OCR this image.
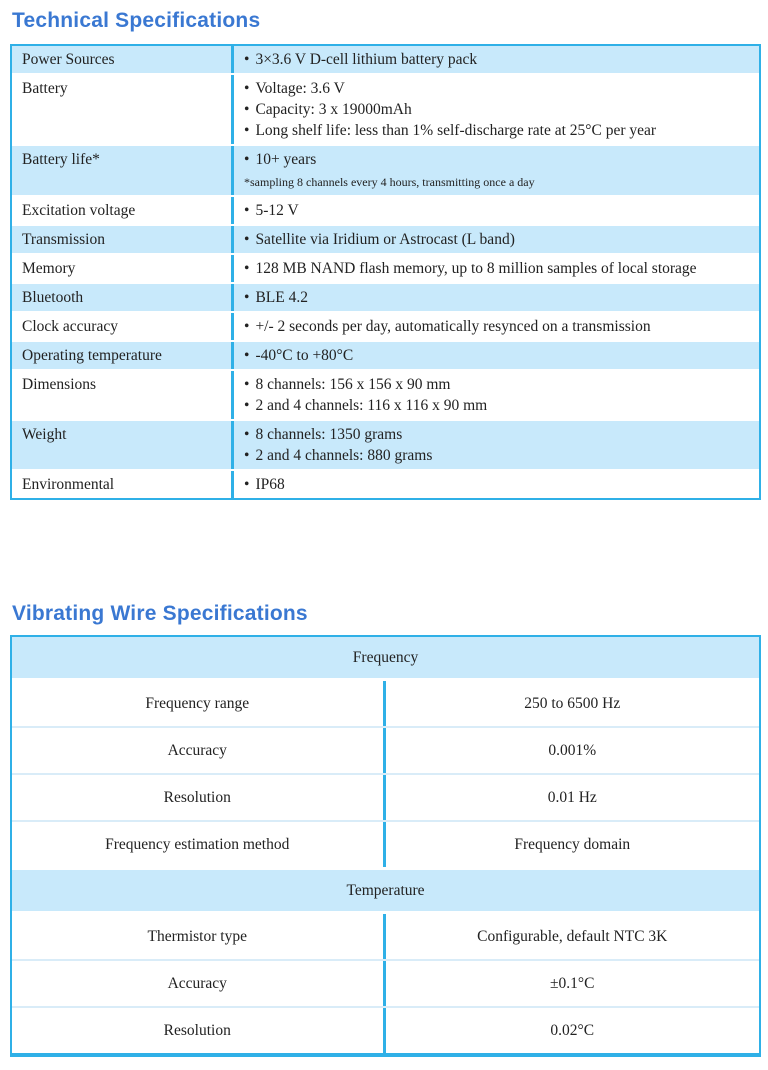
Technical Specifications
Power Sources	• 3×3.6 V D-cell lithium battery pack
Battery	• Voltage: 3.6 V
• Capacity: 3 x 19000mAh
• Long shelf life: less than 1% self-discharge rate at 25°C per year
Battery life*	• 10+ years
*sampling 8 channels every 4 hours, transmitting once a day
Excitation voltage	• 5-12 V
Transmission	• Satellite via Iridium or Astrocast (L band)
Memory	• 128 MB NAND flash memory, up to 8 million samples of local storage
Bluetooth	• BLE 4.2
Clock accuracy	• +/- 2 seconds per day, automatically resynced on a transmission
Operating temperature	• -40°C to +80°C
Dimensions	• 8 channels: 156 x 156 x 90 mm
• 2 and 4 channels: 116 x 116 x 90 mm
Weight	• 8 channels: 1350 grams
• 2 and 4 channels: 880 grams
Environmental	• IP68
Vibrating Wire Specifications
Frequency
Frequency range	250 to 6500 Hz
Accuracy	0.001%
Resolution	0.01 Hz
Frequency estimation method	Frequency domain
Temperature
Thermistor type	Configurable, default NTC 3K
Accuracy	±0.1°C
Resolution	0.02°C
